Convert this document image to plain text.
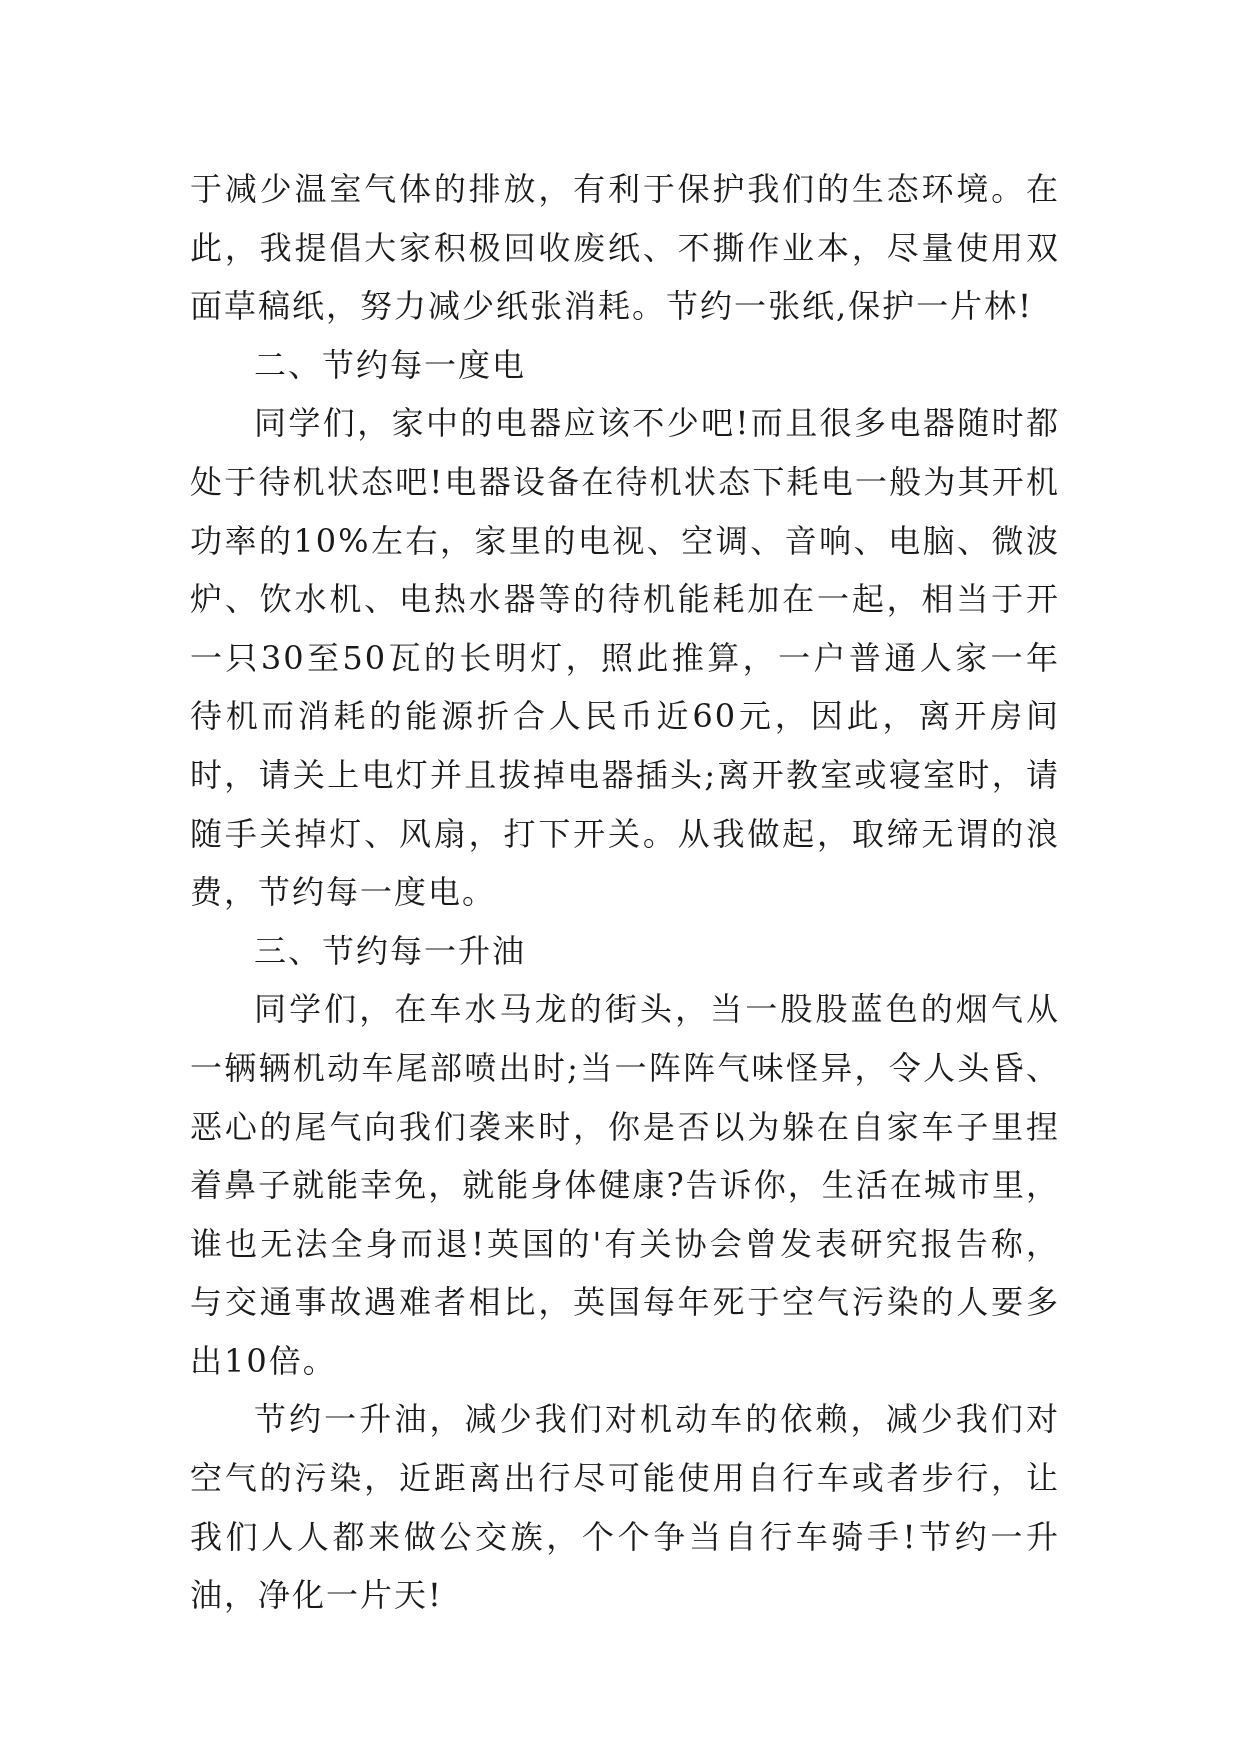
于减少温室气体的排放，有利于保护我们的生态环境。在此，我提倡大家积极回收废纸、不撕作业本，尽量使用双面草稿纸，努力减少纸张消耗。节约一张纸,保护一片林!

二、节约每一度电

同学们，家中的电器应该不少吧!而且很多电器随时都处于待机状态吧!电器设备在待机状态下耗电一般为其开机功率的10%左右，家里的电视、空调、音响、电脑、微波炉、饮水机、电热水器等的待机能耗加在一起，相当于开一只30至50瓦的长明灯，照此推算，一户普通人家一年待机而消耗的能源折合人民币近60元，因此，离开房间时，请关上电灯并且拔掉电器插头;离开教室或寝室时，请随手关掉灯、风扇，打下开关。从我做起，取缔无谓的浪费，节约每一度电。

三、节约每一升油

同学们，在车水马龙的街头，当一股股蓝色的烟气从一辆辆机动车尾部喷出时;当一阵阵气味怪异，令人头昏、恶心的尾气向我们袭来时，你是否以为躲在自家车子里捏着鼻子就能幸免，就能身体健康?告诉你，生活在城市里，谁也无法全身而退!英国的'有关协会曾发表研究报告称，与交通事故遇难者相比，英国每年死于空气污染的人要多出10倍。

节约一升油，减少我们对机动车的依赖，减少我们对空气的污染，近距离出行尽可能使用自行车或者步行，让我们人人都来做公交族，个个争当自行车骑手!节约一升油，净化一片天!
